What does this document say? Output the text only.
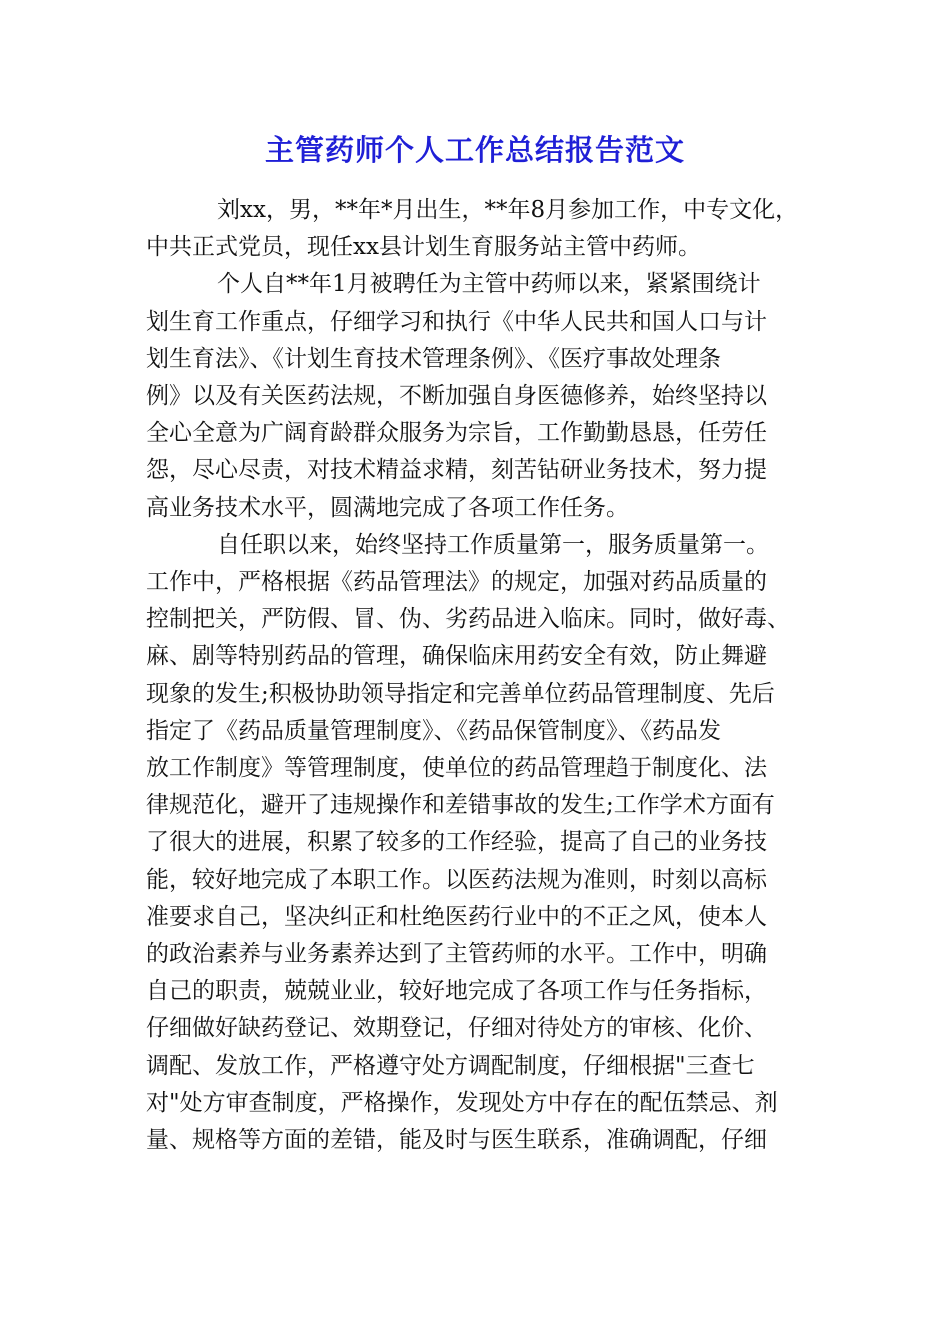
主管药师个人工作总结报告范文
刘xx，男，**年*月出生，**年8月参加工作，中专文化，
中共正式党员，现任xx县计划生育服务站主管中药师。
个人自**年1月被聘任为主管中药师以来，紧紧围绕计
划生育工作重点，仔细学习和执行《中华人民共和国人口与计
划生育法》、《计划生育技术管理条例》、《医疗事故处理条
例》以及有关医药法规，不断加强自身医德修养，始终坚持以
全心全意为广阔育龄群众服务为宗旨，工作勤勤恳恳，任劳任
怨，尽心尽责，对技术精益求精，刻苦钻研业务技术，努力提
高业务技术水平，圆满地完成了各项工作任务。
自任职以来，始终坚持工作质量第一，服务质量第一。
工作中，严格根据《药品管理法》的规定，加强对药品质量的
控制把关，严防假、冒、伪、劣药品进入临床。同时，做好毒、
麻、剧等特别药品的管理，确保临床用药安全有效，防止舞避
现象的发生;积极协助领导指定和完善单位药品管理制度、先后
指定了《药品质量管理制度》、《药品保管制度》、《药品发
放工作制度》等管理制度，使单位的药品管理趋于制度化、法
律规范化，避开了违规操作和差错事故的发生;工作学术方面有
了很大的进展，积累了较多的工作经验，提高了自己的业务技
能，较好地完成了本职工作。以医药法规为准则，时刻以高标
准要求自己，坚决纠正和杜绝医药行业中的不正之风，使本人
的政治素养与业务素养达到了主管药师的水平。工作中，明确
自己的职责，兢兢业业，较好地完成了各项工作与任务指标，
仔细做好缺药登记、效期登记，仔细对待处方的审核、化价、
调配、发放工作，严格遵守处方调配制度，仔细根据"三查七
对"处方审查制度，严格操作，发现处方中存在的配伍禁忌、剂
量、规格等方面的差错，能及时与医生联系，准确调配，仔细
